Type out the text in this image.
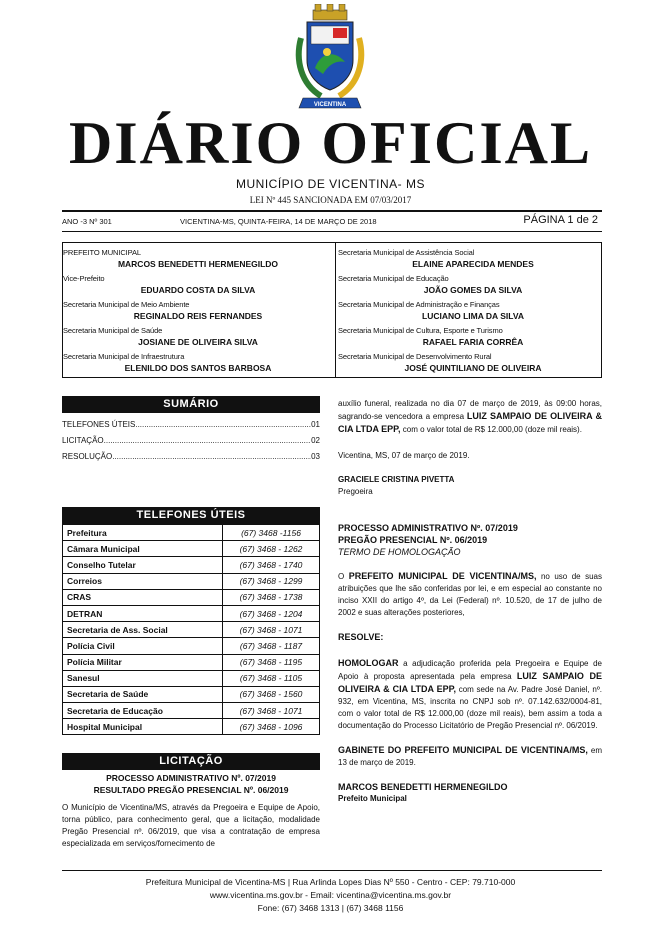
VICENTINA
DIÁRIO OFICIAL
MUNICÍPIO DE VICENTINA- MS
LEI Nº 445 SANCIONADA EM 07/03/2017
ANO -3 Nº 301	VICENTINA-MS, QUINTA-FEIRA, 14 DE MARÇO DE 2018	PÁGINA 1 de 2
PREFEITO MUNICIPAL
MARCOS BENEDETTI HERMENEGILDO
Vice-Prefeito
EDUARDO COSTA DA SILVA
Secretaria Municipal de Meio Ambiente
REGINALDO REIS FERNANDES
Secretaria Municipal de Saúde
JOSIANE DE OLIVEIRA SILVA
Secretaria Municipal de Infraestrutura
ELENILDO DOS SANTOS BARBOSA
Secretaria Municipal de Assistência Social
ELAINE APARECIDA MENDES
Secretaria Municipal de Educação
JOÃO GOMES DA SILVA
Secretaria Municipal de Administração e Finanças
LUCIANO LIMA DA SILVA
Secretaria Municipal de Cultura, Esporte e Turismo
RAFAEL FARIA CORRÊA
Secretaria Municipal de Desenvolvimento Rural
JOSÉ QUINTILIANO DE OLIVEIRA
SUMÁRIO
TELEFONES ÚTEIS .....	01
LICITAÇÃO .....	02
RESOLUÇÃO .....	03
TELEFONES ÚTEIS
Prefeitura	(67) 3468 -1156
Câmara Municipal	(67) 3468 - 1262
Conselho Tutelar	(67) 3468 - 1740
Correios	(67) 3468 - 1299
CRAS	(67) 3468 - 1738
DETRAN	(67) 3468 - 1204
Secretaria de Ass. Social	(67) 3468 - 1071
Polícia Civil	(67) 3468 - 1187
Polícia Militar	(67) 3468 - 1195
Sanesul	(67) 3468 - 1105
Secretaria de Saúde	(67) 3468 - 1560
Secretaria de Educação	(67) 3468 - 1071
Hospital Municipal	(67) 3468 - 1096
LICITAÇÃO
PROCESSO ADMINISTRATIVO Nº. 07/2019
RESULTADO PREGÃO PRESENCIAL Nº. 06/2019

O Município de Vicentina/MS, através da Pregoeira e Equipe de Apoio, torna público, para conhecimento geral, que a licitação, modalidade Pregão Presencial nº. 06/2019, que visa a contratação de empresa especializada em serviços/fornecimento de

auxílio funeral, realizada no dia 07 de março de 2019, às 09:00 horas, sagrando-se vencedora a empresa LUIZ SAMPAIO DE OLIVEIRA & CIA LTDA EPP, com o valor total de R$ 12.000,00 (doze mil reais).

Vicentina, MS, 07 de março de 2019.

GRACIELE CRISTINA PIVETTA

Pregoeira

PROCESSO ADMINISTRATIVO Nº. 07/2019

PREGÃO PRESENCIAL Nº. 06/2019

TERMO DE HOMOLOGAÇÃO

O PREFEITO MUNICIPAL DE VICENTINA/MS, no uso de suas atribuições que lhe são conferidas por lei, e em especial ao constante no inciso XXII do artigo 4º, da Lei (Federal) nº. 10.520, de 17 de julho de 2002 e suas alterações posteriores,

RESOLVE:

HOMOLOGAR a adjudicação proferida pela Pregoeira e Equipe de Apoio à proposta apresentada pela empresa LUIZ SAMPAIO DE OLIVEIRA & CIA LTDA EPP, com sede na Av. Padre José Daniel, nº. 932, em Vicentina, MS, inscrita no CNPJ sob nº. 07.142.632/0004-81, com o valor total de R$ 12.000,00 (doze mil reais), bem assim a toda a documentação do Processo Licitatório de Pregão Presencial nº. 06/2019.

GABINETE DO PREFEITO MUNICIPAL DE VICENTINA/MS, em 13 de março de 2019.

MARCOS BENEDETTI HERMENEGILDO

Prefeito Municipal

Prefeitura Municipal de Vicentina-MS | Rua Arlinda Lopes Dias Nº 550 - Centro - CEP: 79.710-000
www.vicentina.ms.gov.br - Email: vicentina@vicentina.ms.gov.br
Fone: (67) 3468 1313 | (67) 3468 1156
